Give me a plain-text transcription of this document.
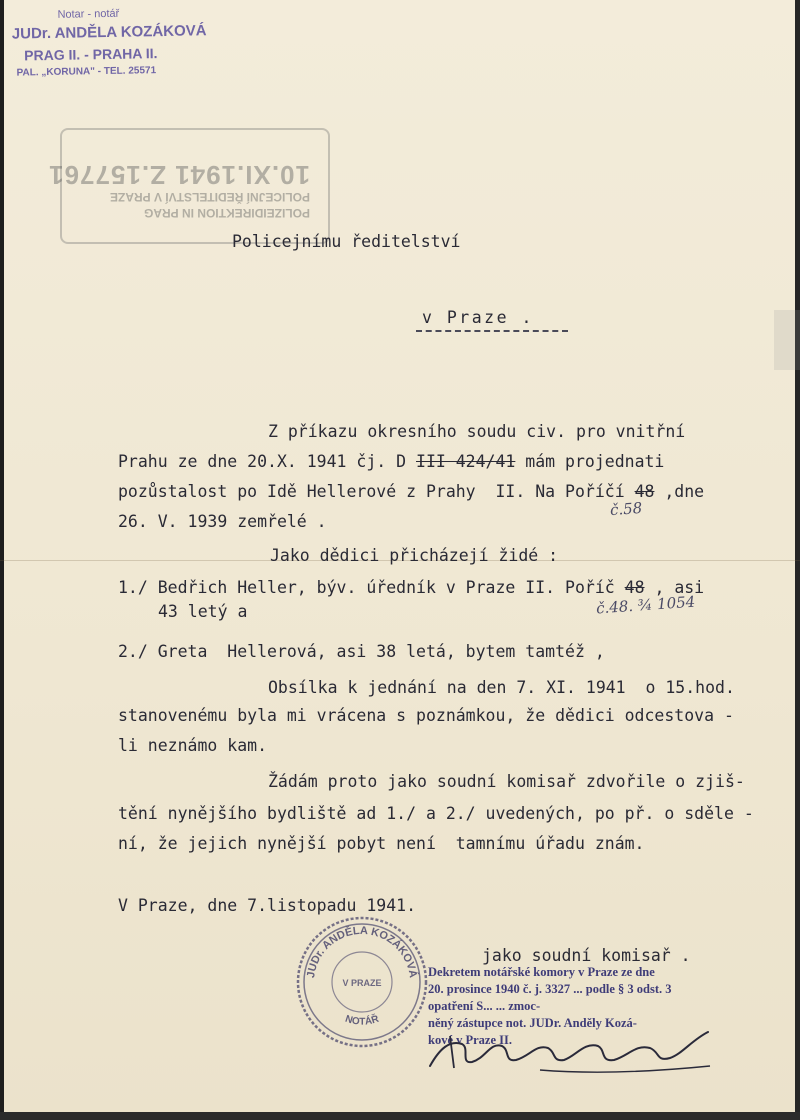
Notar - notář
JUDr. ANDĚLA KOZÁKOVÁ
PRAG II. - PRAHA II.
PAL. „KORUNA" - TEL. 25571
POLIZEIDIREKTION IN PRAG
POLICEJNÍ ŘEDITELSTVÍ V PRAZE
10.XI.1941 Z.157761
Policejnímu ředitelství
v Praze .
Z příkazu okresního soudu civ. pro vnitřní
Prahu ze dne 20.X. 1941 čj. D III 424/41 mám projednati
pozůstalost po Idě Hellerové z Prahy  II. Na Poříčí 48 ,dne
26. V. 1939 zemřelé .
Jako dědici přicházejí židé :
1./ Bedřich Heller, býv. úředník v Praze II. Poříč 48 , asi
43 letý a
2./ Greta  Hellerová, asi 38 letá, bytem tamtéž ,
Obsílka k jednání na den 7. XI. 1941  o 15.hod.
stanovenému byla mi vrácena s poznámkou, že dědici odcestova -
li neznámo kam.
Žádám proto jako soudní komisař zdvořile o zjiš-
tění nynějšího bydliště ad 1./ a 2./ uvedených, po př. o sděle -
ní, že jejich nynější pobyt není  tamnímu úřadu znám.
č.58
č.48. ¾ 1054
V Praze, dne 7.listopadu 1941.
jako soudní komisař .
Dekretem notářské komory v Praze ze dne
20. prosince 1940 č. j. 3327 ... podle § 3 odst. 3
opatření S... ... zmoc-
něný zástupce not. JUDr. Anděly Kozá-
kové v Praze II.
JUDr. ANDĚLA KOZÁKOVÁ
V PRAZE
NOTÁŘ
